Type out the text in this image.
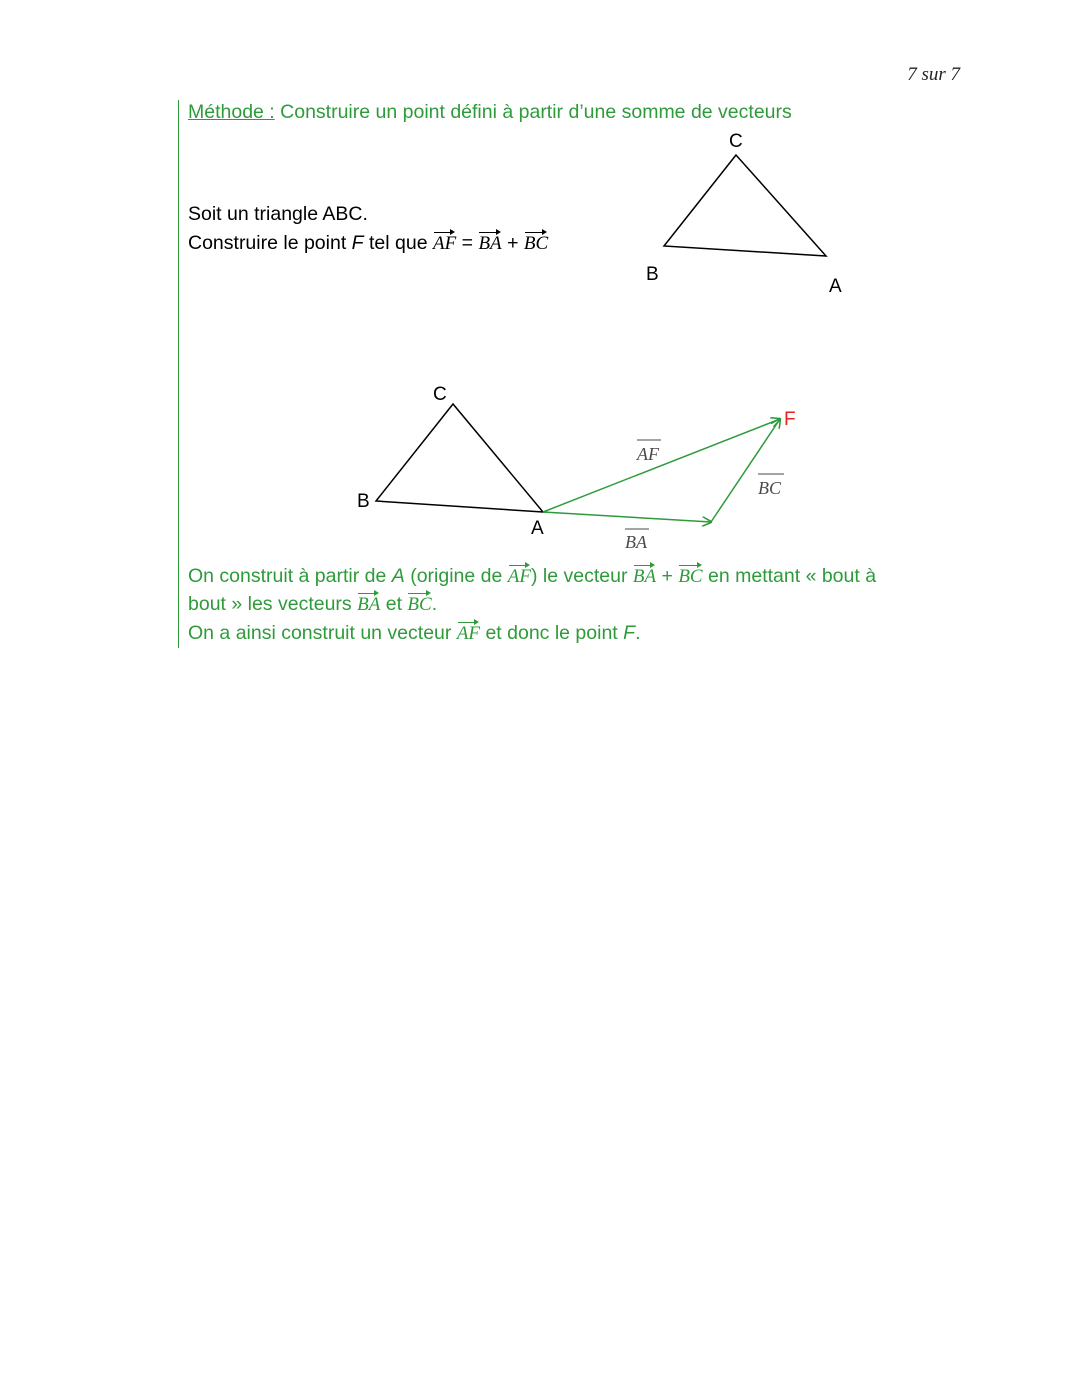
7 sur 7
Méthode : Construire un point défini à partir d’une somme de vecteurs
Soit un triangle ABC.
Construire le point F tel que AF = BA + BC
C
B
A
C
B
A
F
AF
BC
BA
On construit à partir de A (origine de AF) le vecteur BA + BC en mettant « bout à
bout » les vecteurs BA et BC.
On a ainsi construit un vecteur AF et donc le point F.
